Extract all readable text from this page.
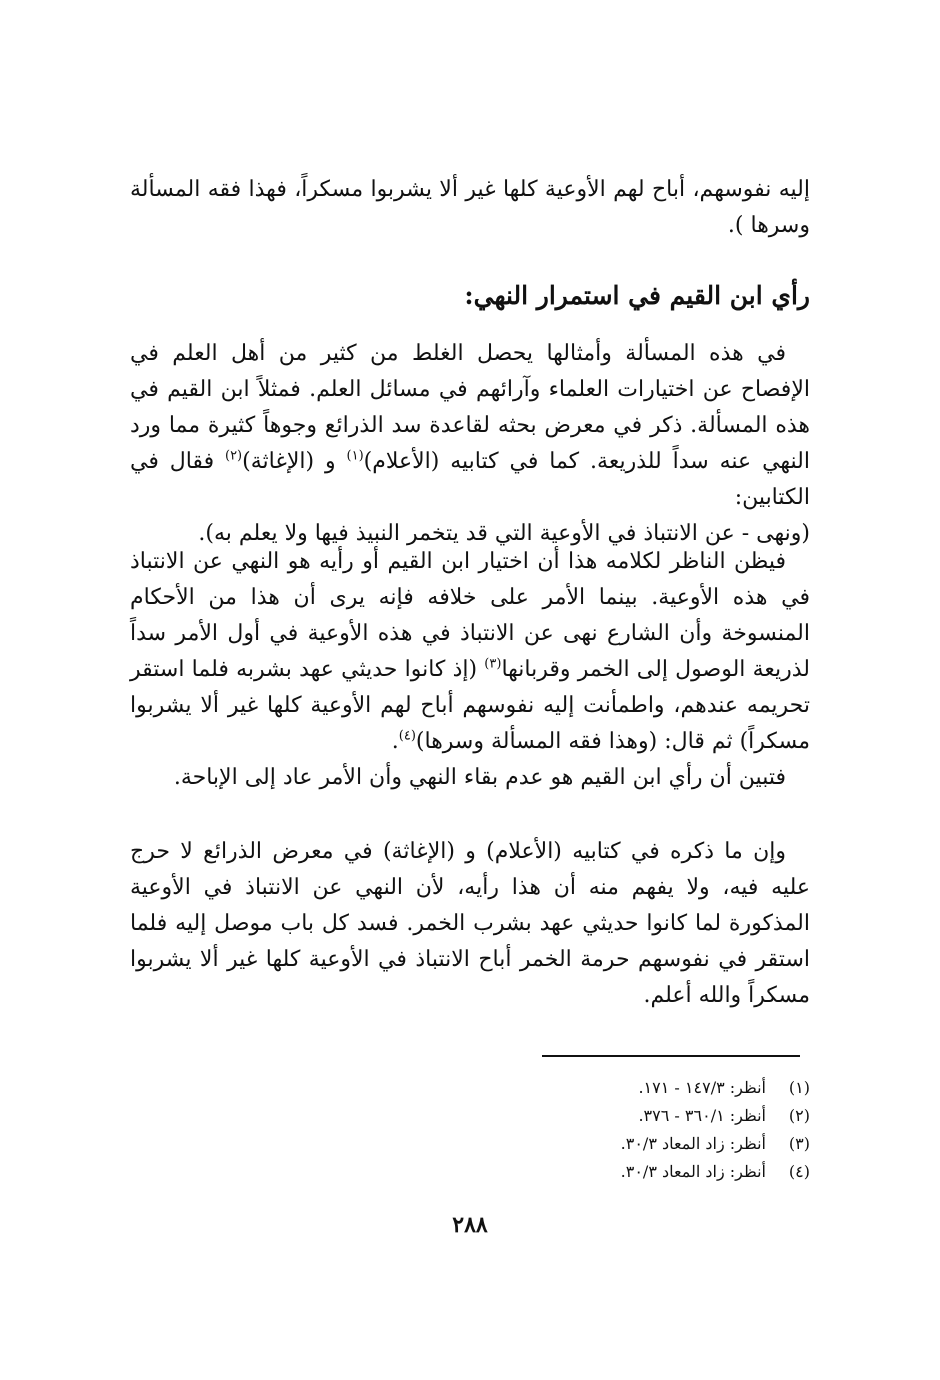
إليه نفوسهم، أباح لهم الأوعية كلها غير ألا يشربوا مسكراً، فهذا فقه المسألة وسرها ).

رأي ابن القيم في استمرار النهي:

في هذه المسألة وأمثالها يحصل الغلط من كثير من أهل العلم في الإفصاح عن اختيارات العلماء وآرائهم في مسائل العلم. فمثلاً ابن القيم في هذه المسألة. ذكر في معرض بحثه لقاعدة سد الذرائع وجوهاً كثيرة مما ورد النهي عنه سداً للذريعة. كما في كتابيه (الأعلام)$^{(١)}$ و (الإغاثة)$^{(٢)}$ فقال في الكتابين:

(ونهى - عن الانتباذ في الأوعية التي قد يتخمر النبيذ فيها ولا يعلم به).

فيظن الناظر لكلامه هذا أن اختيار ابن القيم أو رأيه هو النهي عن الانتباذ في هذه الأوعية. بينما الأمر على خلافه فإنه يرى أن هذا من الأحكام المنسوخة وأن الشارع نهى عن الانتباذ في هذه الأوعية في أول الأمر سداً لذريعة الوصول إلى الخمر وقربانها$^{(٣)}$ (إذ كانوا حديثي عهد بشربه فلما استقر تحريمه عندهم، واطمأنت إليه نفوسهم أباح لهم الأوعية كلها غير ألا يشربوا مسكراً) ثم قال: (وهذا فقه المسألة وسرها)$^{(٤)}$.

فتبين أن رأي ابن القيم هو عدم بقاء النهي وأن الأمر عاد إلى الإباحة.

وإن ما ذكره في كتابيه (الأعلام) و (الإغاثة) في معرض الذرائع لا حرج عليه فيه، ولا يفهم منه أن هذا رأيه، لأن النهي عن الانتباذ في الأوعية المذكورة لما كانوا حديثي عهد بشرب الخمر. فسد كل باب موصل إليه فلما استقر في نفوسهم حرمة الخمر أباح الانتباذ في الأوعية كلها غير ألا يشربوا مسكراً والله أعلم.

(١)أنظر: ١٤٧/٣ - ١٧١.
(٢)أنظر: ٣٦٠/١ - ٣٧٦.
(٣)أنظر: زاد المعاد ٣٠/٣.
(٤)أنظر: زاد المعاد ٣٠/٣.
٢٨٨
